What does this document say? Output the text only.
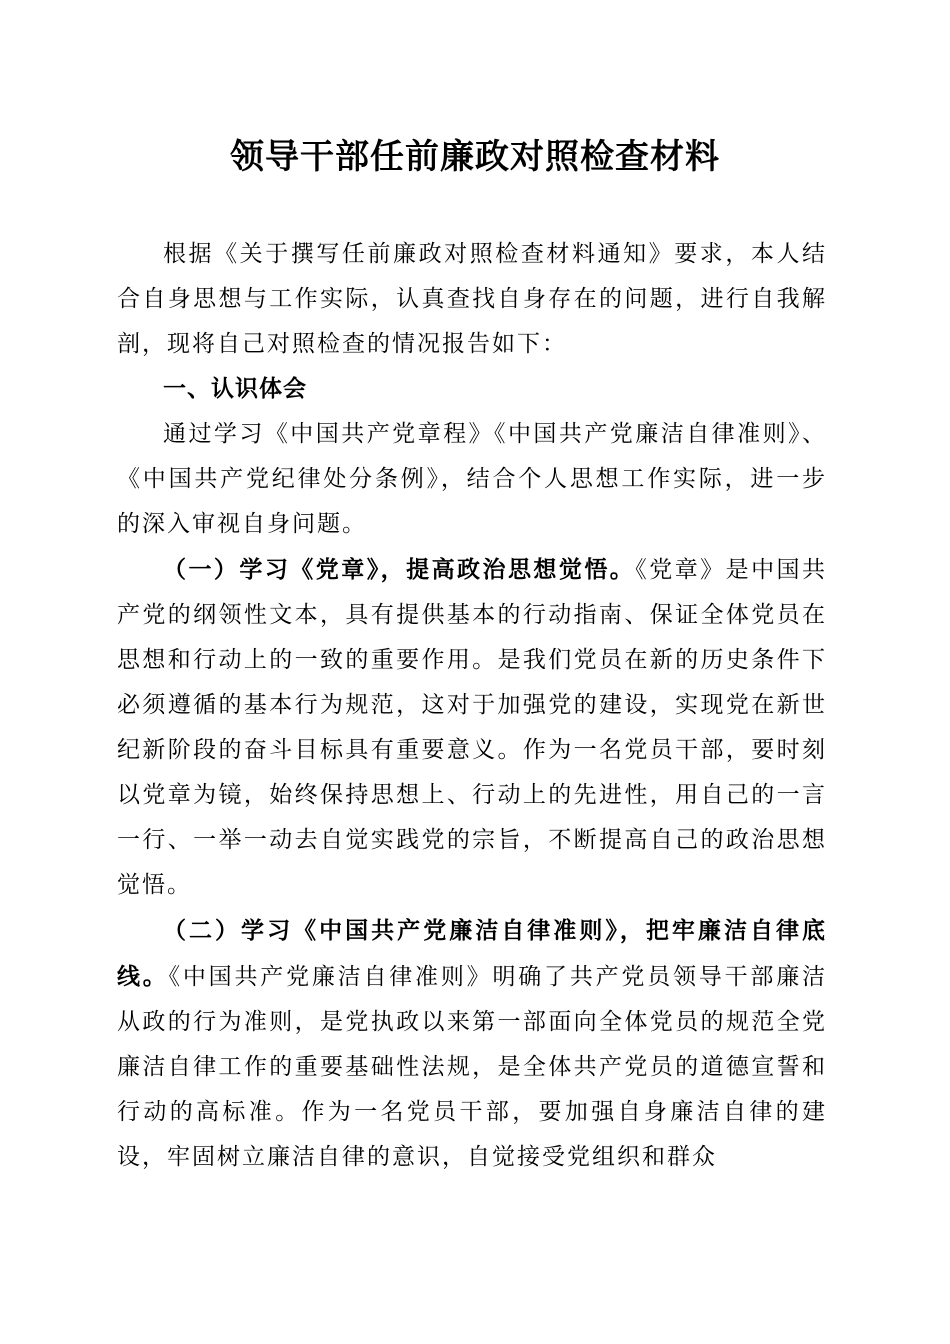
领导干部任前廉政对照检查材料

根据《关于撰写任前廉政对照检查材料通知》要求，本人结合自身思想与工作实际，认真查找自身存在的问题，进行自我解剖，现将自己对照检查的情况报告如下：

一、认识体会

通过学习《中国共产党章程》《中国共产党廉洁自律准则》、《中国共产党纪律处分条例》，结合个人思想工作实际，进一步的深入审视自身问题。

（一）学习《党章》，提高政治思想觉悟。《党章》是中国共产党的纲领性文本，具有提供基本的行动指南、保证全体党员在思想和行动上的一致的重要作用。是我们党员在新的历史条件下必须遵循的基本行为规范，这对于加强党的建设，实现党在新世纪新阶段的奋斗目标具有重要意义。作为一名党员干部，要时刻以党章为镜，始终保持思想上、行动上的先进性，用自己的一言一行、一举一动去自觉实践党的宗旨，不断提高自己的政治思想觉悟。

（二）学习《中国共产党廉洁自律准则》，把牢廉洁自律底线。《中国共产党廉洁自律准则》明确了共产党员领导干部廉洁从政的行为准则，是党执政以来第一部面向全体党员的规范全党廉洁自律工作的重要基础性法规，是全体共产党员的道德宣誓和行动的高标准。作为一名党员干部，要加强自身廉洁自律的建设，牢固树立廉洁自律的意识，自觉接受党组织和群众
